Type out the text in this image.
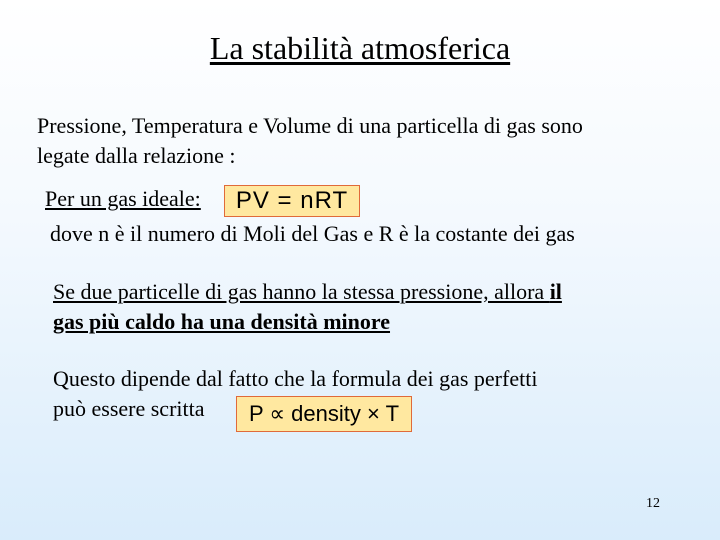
La stabilità atmosferica
Pressione, Temperatura e Volume di una particella di gas sono
legate dalla relazione :
Per un gas ideale:	PV = nRT
dove n è il numero di Moli del Gas e R è la costante dei gas
Se due particelle di gas hanno la stessa pressione, allora il
gas più caldo ha una densità minore
Questo dipende dal fatto che la formula dei gas perfetti
può essere scritta	P ∝ density × T
12
